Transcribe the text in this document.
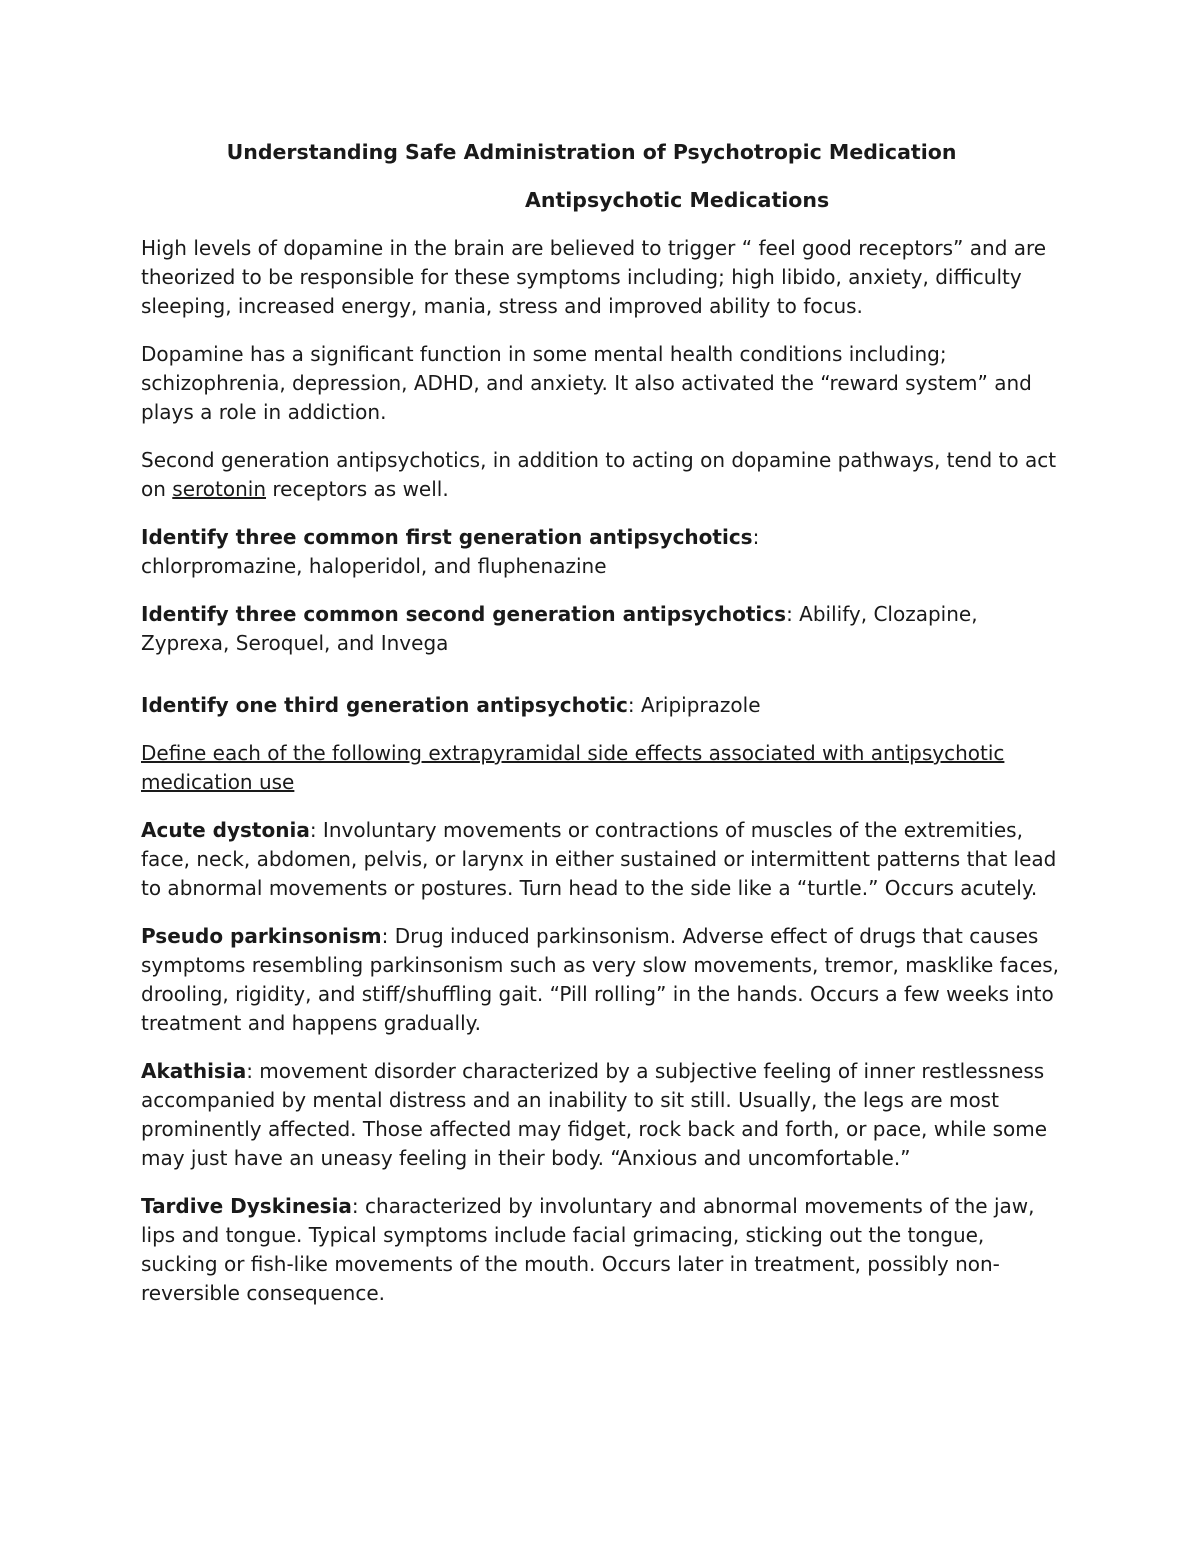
Understanding Safe Administration of Psychotropic Medication
Antipsychotic Medications

High levels of dopamine in the brain are believed to trigger “ feel good receptors” and are theorized to be responsible for these symptoms including; high libido, anxiety, difficulty sleeping, increased energy, mania, stress and improved ability to focus.

Dopamine has a significant function in some mental health conditions including; schizophrenia, depression, ADHD, and anxiety. It also activated the “reward system” and plays a role in addiction.

Second generation antipsychotics, in addition to acting on dopamine pathways, tend to act on serotonin receptors as well.

Identify three common first generation antipsychotics:
chlorpromazine, haloperidol, and fluphenazine

Identify three common second generation antipsychotics: Abilify, Clozapine, Zyprexa, Seroquel, and Invega

Identify one third generation antipsychotic: Aripiprazole

Define each of the following extrapyramidal side effects associated with antipsychotic medication use

Acute dystonia: Involuntary movements or contractions of muscles of the extremities, face, neck, abdomen, pelvis, or larynx in either sustained or intermittent patterns that lead to abnormal movements or postures. Turn head to the side like a “turtle.” Occurs acutely.

Pseudo parkinsonism: Drug induced parkinsonism. Adverse effect of drugs that causes symptoms resembling parkinsonism such as very slow movements, tremor, masklike faces, drooling, rigidity, and stiff/shuffling gait. “Pill rolling” in the hands. Occurs a few weeks into treatment and happens gradually.

Akathisia: movement disorder characterized by a subjective feeling of inner restlessness accompanied by mental distress and an inability to sit still. Usually, the legs are most prominently affected. Those affected may fidget, rock back and forth, or pace, while some may just have an uneasy feeling in their body. “Anxious and uncomfortable.”

Tardive Dyskinesia: characterized by involuntary and abnormal movements of the jaw, lips and tongue. Typical symptoms include facial grimacing, sticking out the tongue, sucking or fish-like movements of the mouth. Occurs later in treatment, possibly non-reversible consequence.
